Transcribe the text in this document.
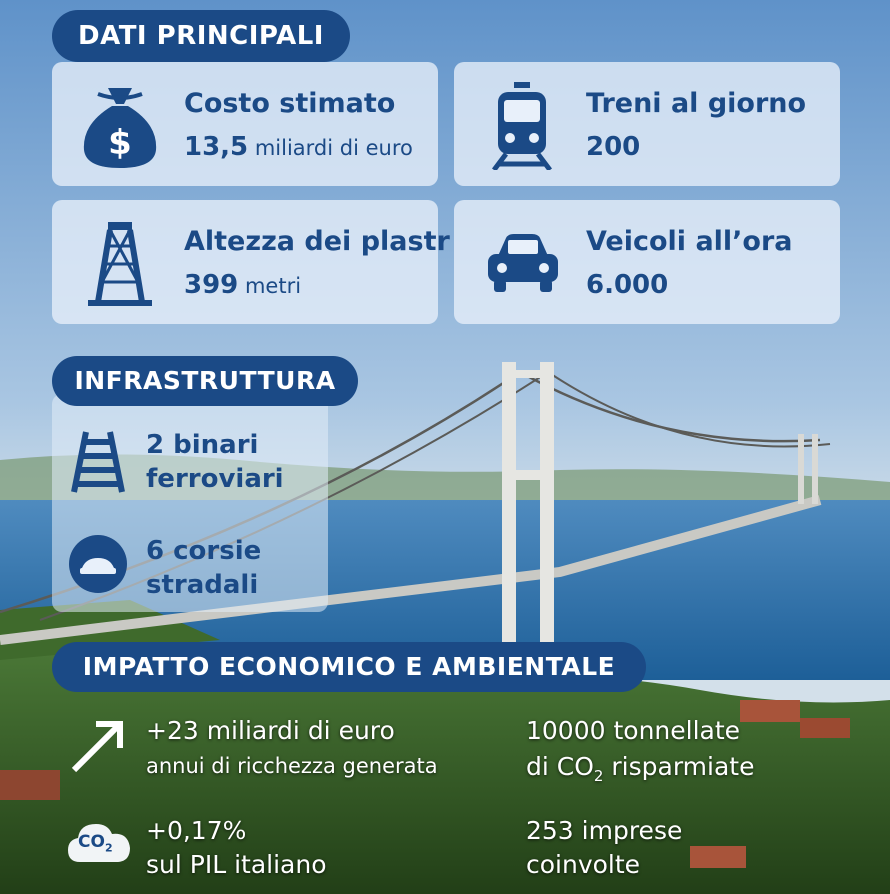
DATI PRINCIPALI
$
Costo stimato
13,5 miliardi di euro
Treni al giorno
200
Altezza dei plastr
399 metri
Veicoli all’ora
6.000
INFRASTRUTTURA
2 binari
ferroviari
6 corsie
stradali
IMPATTO ECONOMICO E AMBIENTALE
+23 miliardi di euro
annui di ricchezza generata
10000 tonnellate
di $CO_2$ risparmiate
$CO_2$
+0,17%
sul PIL italiano
253 imprese
coinvolte
